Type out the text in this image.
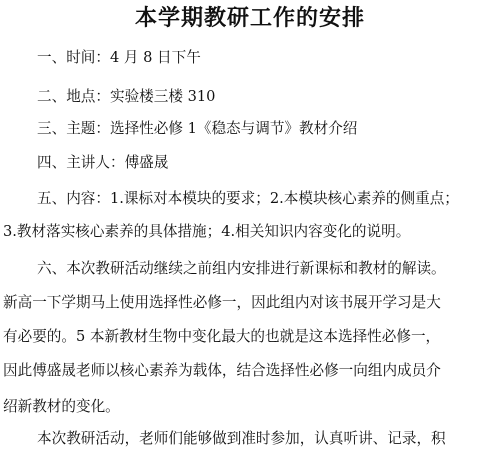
本学期教研工作的安排
一、时间：4 月 8 日下午
二、地点：实验楼三楼 310
三、主题：选择性必修 1《稳态与调节》教材介绍
四、主讲人：傅盛晟
五、内容：1.课标对本模块的要求；2.本模块核心素养的侧重点；
3.教材落实核心素养的具体措施；4.相关知识内容变化的说明。
六、本次教研活动继续之前组内安排进行新课标和教材的解读。
新高一下学期马上使用选择性必修一，因此组内对该书展开学习是大
有必要的。5 本新教材生物中变化最大的也就是这本选择性必修一，
因此傅盛晟老师以核心素养为载体，结合选择性必修一向组内成员介
绍新教材的变化。
本次教研活动，老师们能够做到准时参加，认真听讲、记录，积
